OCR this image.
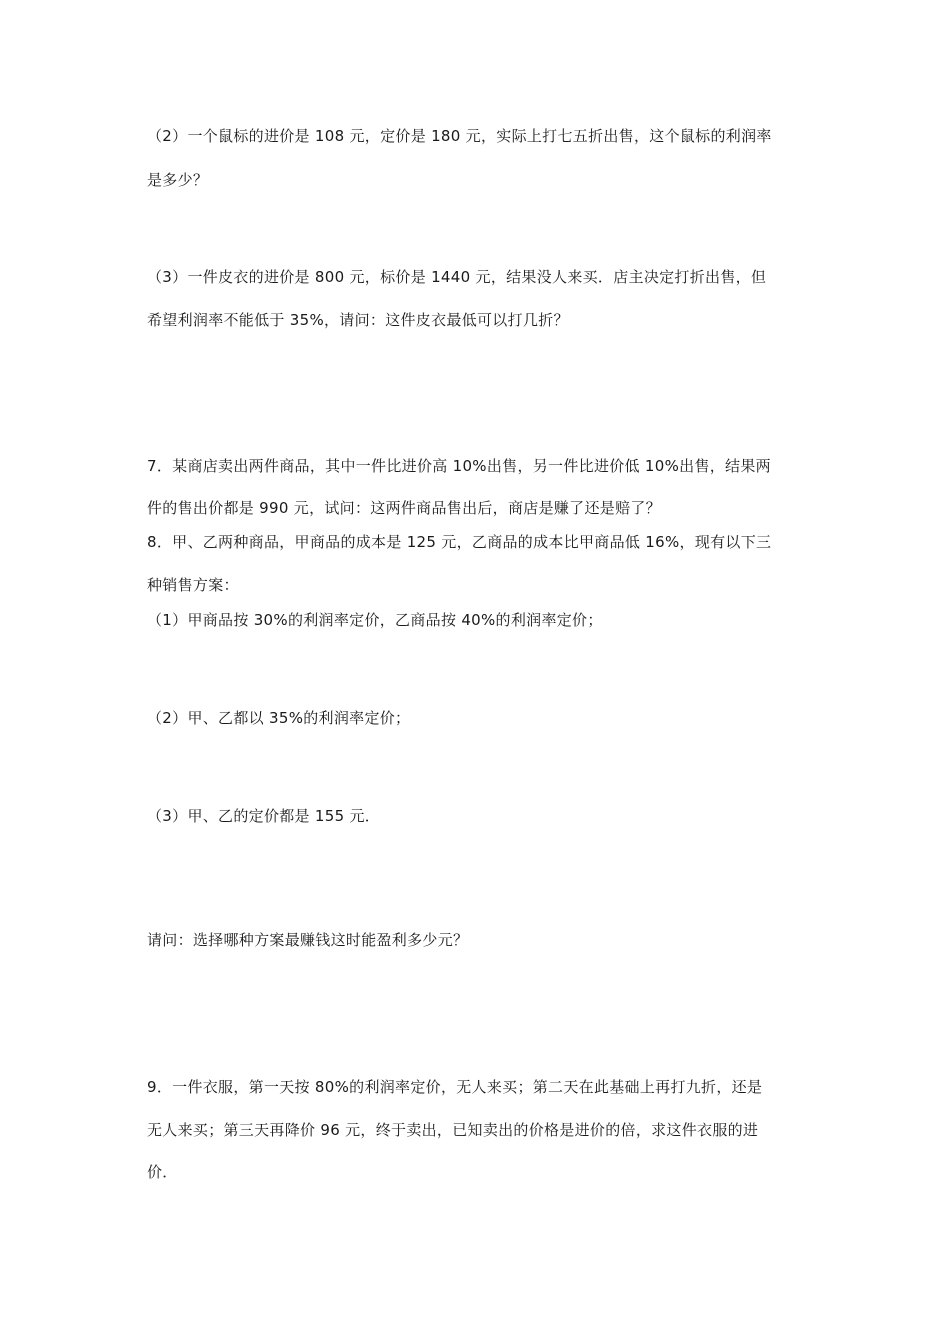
（2）一个鼠标的进价是 108 元，定价是 180 元，实际上打七五折出售，这个鼠标的利润率
是多少？
（3）一件皮衣的进价是 800 元，标价是 1440 元，结果没人来买．店主决定打折出售，但
希望利润率不能低于 35%，请问：这件皮衣最低可以打几折？
7．某商店卖出两件商品，其中一件比进价高 10%出售，另一件比进价低 10%出售，结果两
件的售出价都是 990 元，试问：这两件商品售出后，商店是赚了还是赔了？
8．甲、乙两种商品，甲商品的成本是 125 元，乙商品的成本比甲商品低 16%，现有以下三
种销售方案：
（1）甲商品按 30%的利润率定价，乙商品按 40%的利润率定价；
（2）甲、乙都以 35%的利润率定价；
（3）甲、乙的定价都是 155 元．
请问：选择哪种方案最赚钱这时能盈利多少元？
9．一件衣服，第一天按 80%的利润率定价，无人来买；第二天在此基础上再打九折，还是
无人来买；第三天再降价 96 元，终于卖出，已知卖出的价格是进价的倍，求这件衣服的进
价．
